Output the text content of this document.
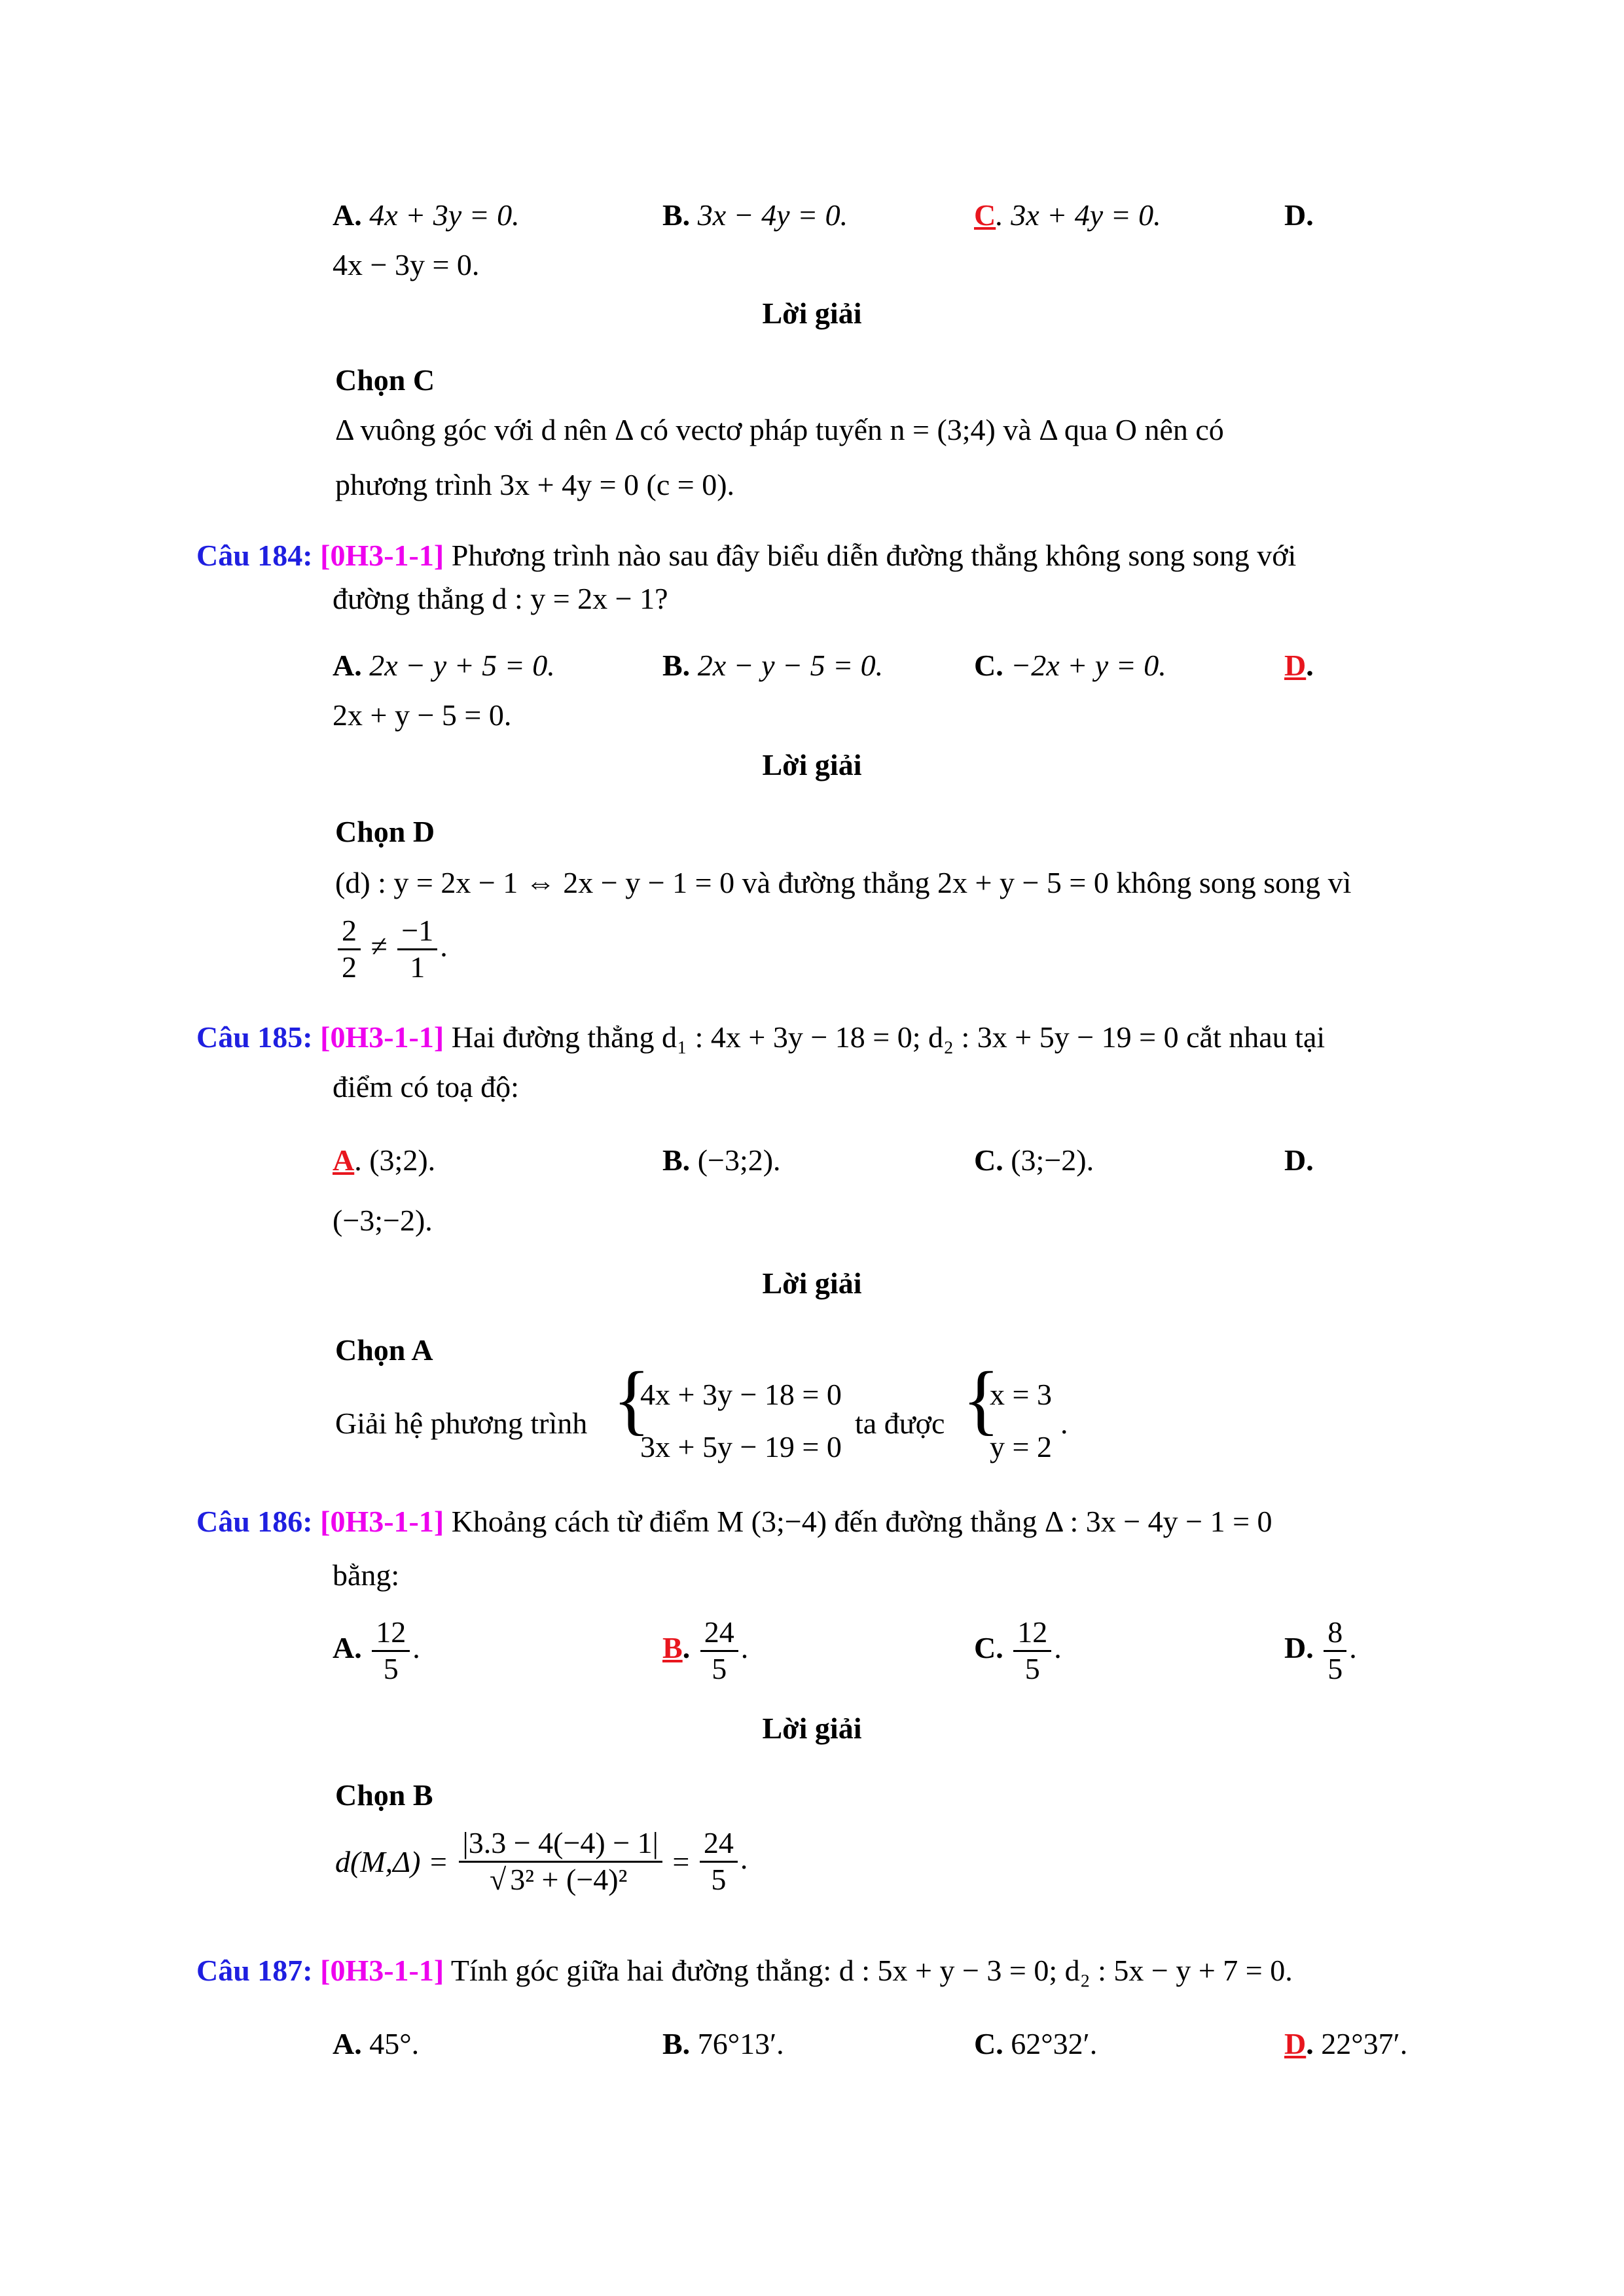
A. 4x + 3y = 0.	B. 3x − 4y = 0.	C. 3x + 4y = 0.	D.
4x − 3y = 0.
Lời giải
Chọn C
Δ vuông góc với d nên Δ có vectơ pháp tuyến n = (3;4) và Δ qua O nên có
phương trình 3x + 4y = 0 (c = 0).
Câu 184: [0H3-1-1] Phương trình nào sau đây biểu diễn đường thẳng không song song với
đường thẳng d : y = 2x − 1?
A. 2x − y + 5 = 0.	B. 2x − y − 5 = 0.	C. −2x + y = 0.	D.
2x + y − 5 = 0.
Lời giải
Chọn D
(d) : y = 2x − 1 ⇔ 2x − y − 1 = 0 và đường thẳng 2x + y − 5 = 0 không song song vì
$\frac{2}{2} \ne \frac{-1}{1}$ .
Câu 185: [0H3-1-1] Hai đường thẳng d₁ : 4x + 3y − 18 = 0; d₂ : 3x + 5y − 19 = 0 cắt nhau tại
điểm có toạ độ:
A. (3;2).	B. (−3;2).	C. (3;−2).	D.
(−3;−2).
Lời giải
Chọn A
Giải hệ phương trình {
4x + 3y − 18 = 0
3x + 5y − 19 = 0
ta được {
x = 3
y = 2
.
Câu 186: [0H3-1-1] Khoảng cách từ điểm M (3;−4) đến đường thẳng Δ : 3x − 4y − 1 = 0
bằng:
A. $\frac{12}{5}$ .	B. $\frac{24}{5}$ .	C. $\frac{12}{5}$ .	D. $\frac{8}{5}$ .
Lời giải
Chọn B
$d(M,\Delta) = \frac{|3.3 - 4(-4) - 1|}{\text{√ 3² + (−4)²}} = \frac{24}{5}$ .
Câu 187: [0H3-1-1] Tính góc giữa hai đường thẳng: d : 5x + y − 3 = 0; d₂ : 5x − y + 7 = 0.
A. 45°.	B. 76°13′.	C. 62°32′.	D. 22°37′.
